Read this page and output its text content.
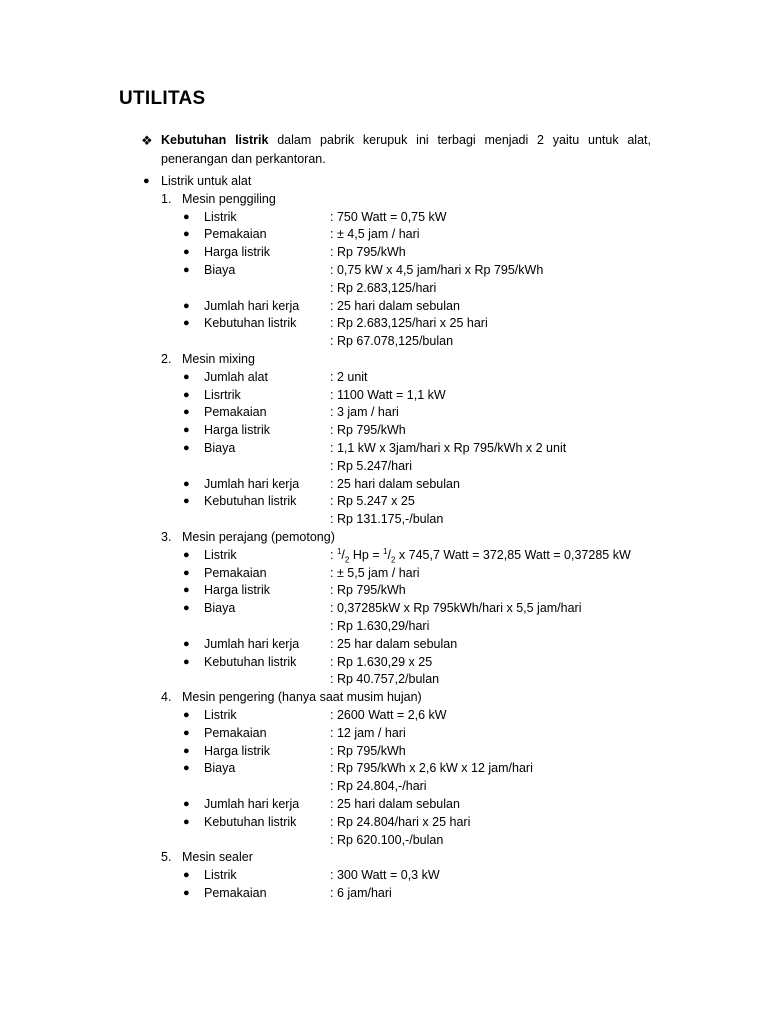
UTILITAS
❖ Kebutuhan listrik dalam pabrik kerupuk ini terbagi menjadi 2 yaitu untuk alat,
penerangan dan perkantoran.
● Listrik untuk alat
1. Mesin penggiling
● Listrik	: 750 Watt = 0,75 kW
● Pemakaian	: ± 4,5 jam / hari
● Harga listrik	: Rp 795/kWh
● Biaya	: 0,75 kW x 4,5 jam/hari x Rp 795/kWh
: Rp 2.683,125/hari
● Jumlah hari kerja : 25 hari dalam sebulan
● Kebutuhan listrik	: Rp 2.683,125/hari x 25 hari
: Rp 67.078,125/bulan
2. Mesin mixing
● Jumlah alat	: 2 unit
● Lisrtrik	: 1100 Watt = 1,1 kW
● Pemakaian	: 3 jam / hari
● Harga listrik	: Rp 795/kWh
● Biaya	: 1,1 kW x 3jam/hari x Rp 795/kWh x 2 unit
: Rp 5.247/hari
● Jumlah hari kerja : 25 hari dalam sebulan
● Kebutuhan listrik	: Rp 5.247 x 25
: Rp 131.175,-/bulan
3. Mesin perajang (pemotong)
● Listrik	: $^1/_2$ $Hp = ^1/_2$ x 745,7 Watt = 372,85 Watt = 0,37285 kW
● Pemakaian	: ± 5,5 jam / hari
● Harga listrik	: Rp 795/kWh
● Biaya	: 0,37285kW x Rp 795kWh/hari x 5,5 jam/hari
: Rp 1.630,29/hari
● Jumlah hari kerja : 25 har dalam sebulan
● Kebutuhan listrik	: Rp 1.630,29 x 25
: Rp 40.757,2/bulan
4. Mesin pengering (hanya saat musim hujan)
● Listrik	: 2600 Watt = 2,6 kW
● Pemakaian	: 12 jam / hari
● Harga listrik	: Rp 795/kWh
● Biaya	: Rp 795/kWh x 2,6 kW x 12 jam/hari
: Rp 24.804,-/hari
● Jumlah hari kerja : 25 hari dalam sebulan
● Kebutuhan listrik	: Rp 24.804/hari x 25 hari
: Rp 620.100,-/bulan
5. Mesin sealer
● Listrik	: 300 Watt = 0,3 kW
● Pemakaian	: 6 jam/hari
